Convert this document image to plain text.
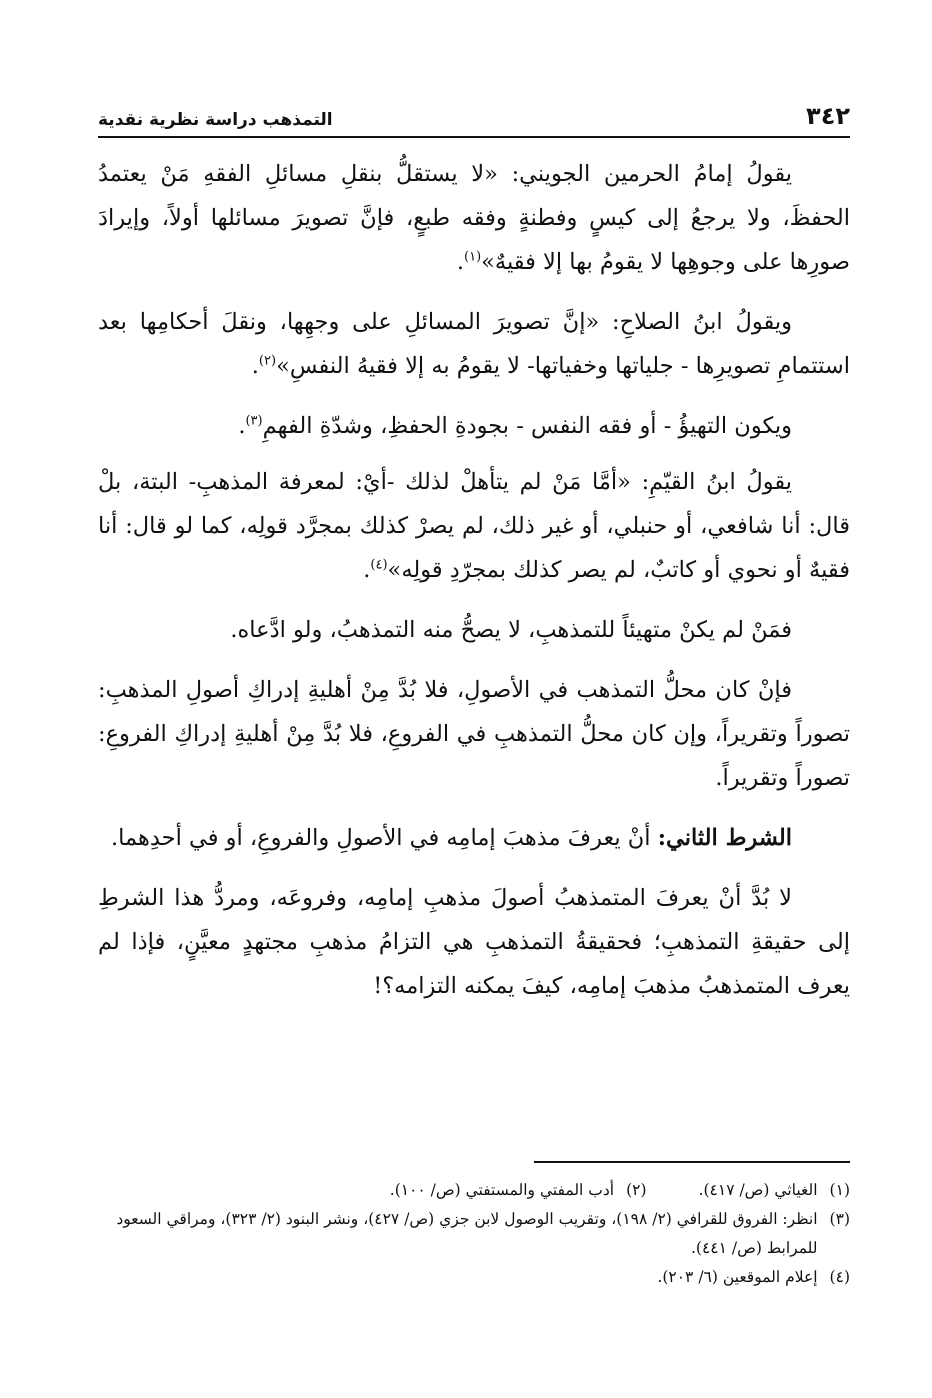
٣٤٢
التمذهب دراسة نظرية نقدية

يقولُ إمامُ الحرمين الجويني: «لا يستقلُّ بنقلِ مسائلِ الفقهِ مَنْ يعتمدُ الحفظَ، ولا يرجعُ إلى كيسٍ وفطنةٍ وفقه طبعٍ، فإنَّ تصويرَ مسائلها أولاً، وإيرادَ صورِها على وجوهِها لا يقومُ بها إلا فقيهٌ»$^{(١)}$.

ويقولُ ابنُ الصلاحِ: «إنَّ تصويرَ المسائلِ على وجهِها، ونقلَ أحكامِها بعد استتمامِ تصويرِها - جلياتها وخفياتها- لا يقومُ به إلا فقيهُ النفسِ»$^{(٢)}$.

ويكون التهيؤُ - أو فقه النفس - بجودةِ الحفظِ، وشدّةِ الفهمِ$^{(٣)}$.

يقولُ ابنُ القيّمِ: «أمَّا مَنْ لم يتأهلْ لذلك -أيْ: لمعرفة المذهبِ- البتة، بلْ قال: أنا شافعي، أو حنبلي، أو غير ذلك، لم يصرْ كذلك بمجرَّد قولِه، كما لو قال: أنا فقيهٌ أو نحوي أو كاتبٌ، لم يصر كذلك بمجرّدِ قولِه»$^{(٤)}$.

فمَنْ لم يكنْ متهيئاً للتمذهبِ، لا يصحُّ منه التمذهبُ، ولو ادَّعاه.

فإنْ كان محلُّ التمذهب في الأصولِ، فلا بُدَّ مِنْ أهليةِ إدراكِ أصولِ المذهبِ: تصوراً وتقريراً، وإن كان محلُّ التمذهبِ في الفروعِ، فلا بُدَّ مِنْ أهليةِ إدراكِ الفروعِ: تصوراً وتقريراً.

الشرط الثاني: أنْ يعرفَ مذهبَ إمامِه في الأصولِ والفروعِ، أو في أحدِهما.

لا بُدَّ أنْ يعرفَ المتمذهبُ أصولَ مذهبِ إمامِه، وفروعَه، ومردُّ هذا الشرطِ إلى حقيقةِ التمذهبِ؛ فحقيقةُ التمذهبِ هي التزامُ مذهبِ مجتهدٍ معيَّنٍ، فإذا لم يعرف المتمذهبُ مذهبَ إمامِه، كيفَ يمكنه التزامه؟!

(١)
الغياثي (ص/ ٤١٧).
(٢)
أدب المفتي والمستفتي (ص/ ١٠٠).
(٣)
انظر: الفروق للقرافي (٢/ ١٩٨)، وتقريب الوصول لابن جزي (ص/ ٤٢٧)، ونشر البنود (٢/ ٣٢٣)، ومراقي السعود للمرابط (ص/ ٤٤١).
(٤)
إعلام الموقعين (٦/ ٢٠٣).
